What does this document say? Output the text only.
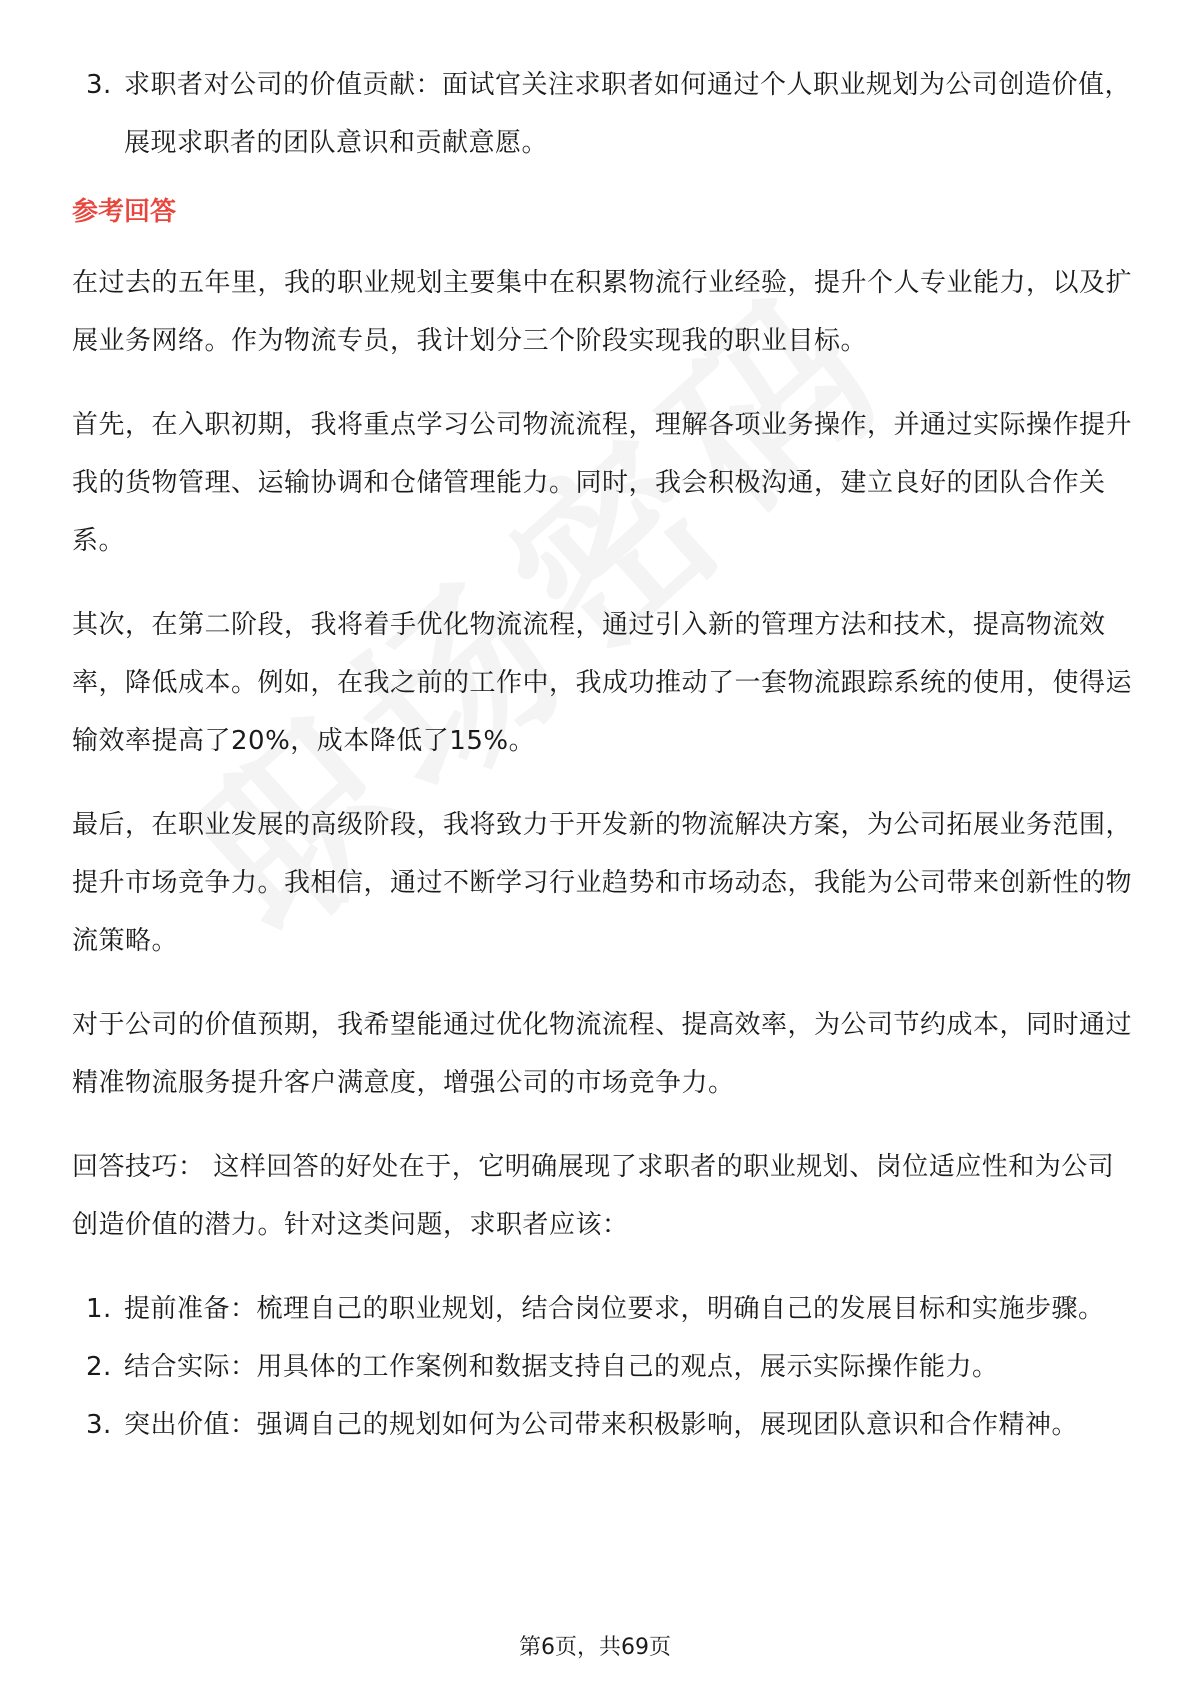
3. 求职者对公司的价值贡献：面试官关注求职者如何通过个人职业规划为公司创造价值，展现求职者的团队意识和贡献意愿。
参考回答

在过去的五年里，我的职业规划主要集中在积累物流行业经验，提升个人专业能力，以及扩展业务网络。作为物流专员，我计划分三个阶段实现我的职业目标。

首先，在入职初期，我将重点学习公司物流流程，理解各项业务操作，并通过实际操作提升我的货物管理、运输协调和仓储管理能力。同时，我会积极沟通，建立良好的团队合作关系。

其次，在第二阶段，我将着手优化物流流程，通过引入新的管理方法和技术，提高物流效率，降低成本。例如，在我之前的工作中，我成功推动了一套物流跟踪系统的使用，使得运输效率提高了20%，成本降低了15%。

最后，在职业发展的高级阶段，我将致力于开发新的物流解决方案，为公司拓展业务范围，提升市场竞争力。我相信，通过不断学习行业趋势和市场动态，我能为公司带来创新性的物流策略。

对于公司的价值预期，我希望能通过优化物流流程、提高效率，为公司节约成本，同时通过精准物流服务提升客户满意度，增强公司的市场竞争力。

回答技巧： 这样回答的好处在于，它明确展现了求职者的职业规划、岗位适应性和为公司创造价值的潜力。针对这类问题，求职者应该：

1. 提前准备：梳理自己的职业规划，结合岗位要求，明确自己的发展目标和实施步骤。
2. 结合实际：用具体的工作案例和数据支持自己的观点，展示实际操作能力。
3. 突出价值：强调自己的规划如何为公司带来积极影响，展现团队意识和合作精神。
第6页，共69页
